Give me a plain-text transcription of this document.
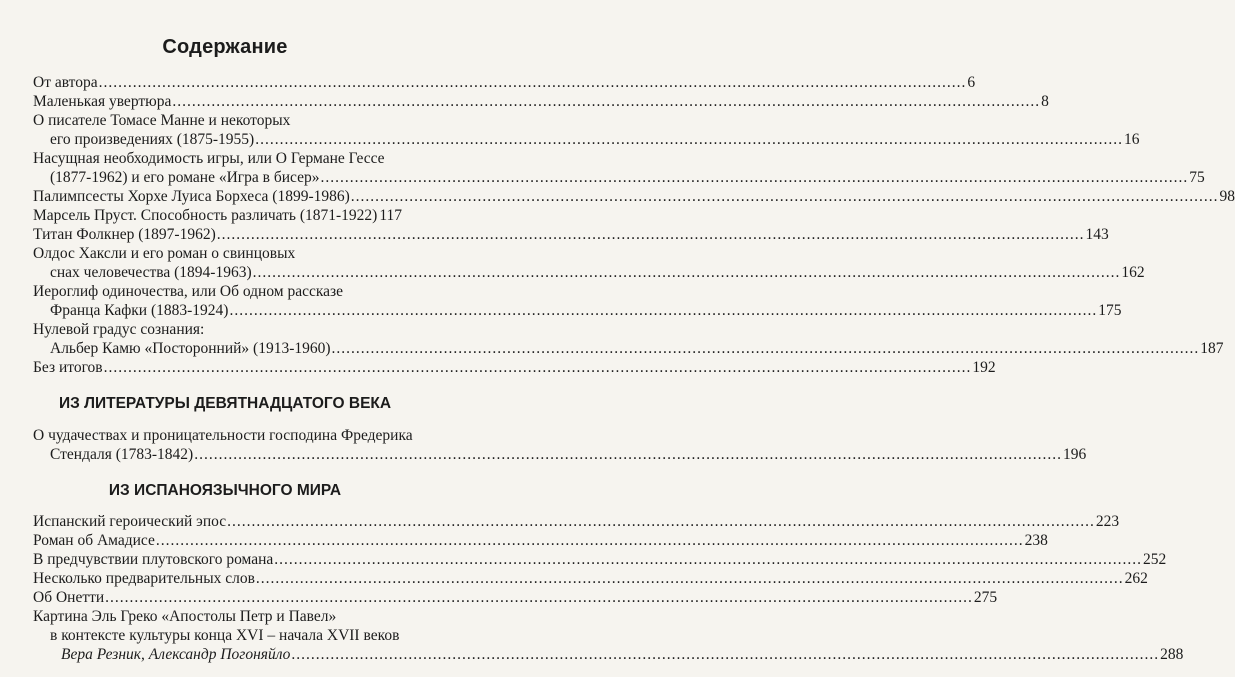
Содержание
От автора .....	6
Маленькая увертюра .....	8
О писателе Томасе Манне и некоторых
его произведениях (1875-1955) .....	16
Насущная необходимость игры, или О Германе Гессе
(1877-1962) и его романе «Игра в бисер» .....	75
Палимпсесты Хорхе Луиса Борхеса (1899-1986) .....	98
Марсель Пруст. Способность различать (1871-1922) 117
Титан Фолкнер (1897-1962) .....	143
Олдос Хаксли и его роман о свинцовых
снах человечества (1894-1963) .....	162
Иероглиф одиночества, или Об одном рассказе
Франца Кафки (1883-1924) .....	175
Нулевой градус сознания:
Альбер Камю «Посторонний» (1913-1960) .....	187
Без итогов .....	192
ИЗ ЛИТЕРАТУРЫ ДЕВЯТНАДЦАТОГО ВЕКА
О чудачествах и проницательности господина Фредерика
Стендаля (1783-1842) .....	196
ИЗ ИСПАНОЯЗЫЧНОГО МИРА
Испанский героический эпос .....	223
Роман об Амадисе .....	238
В предчувствии плутовского романа .....	252
Несколько предварительных слов .....	262
Об Онетти .....	275
Картина Эль Греко «Апостолы Петр и Павел»
в контексте культуры конца XVI – начала XVII веков
Вера Резник, Александр Погоняйло .....	288
